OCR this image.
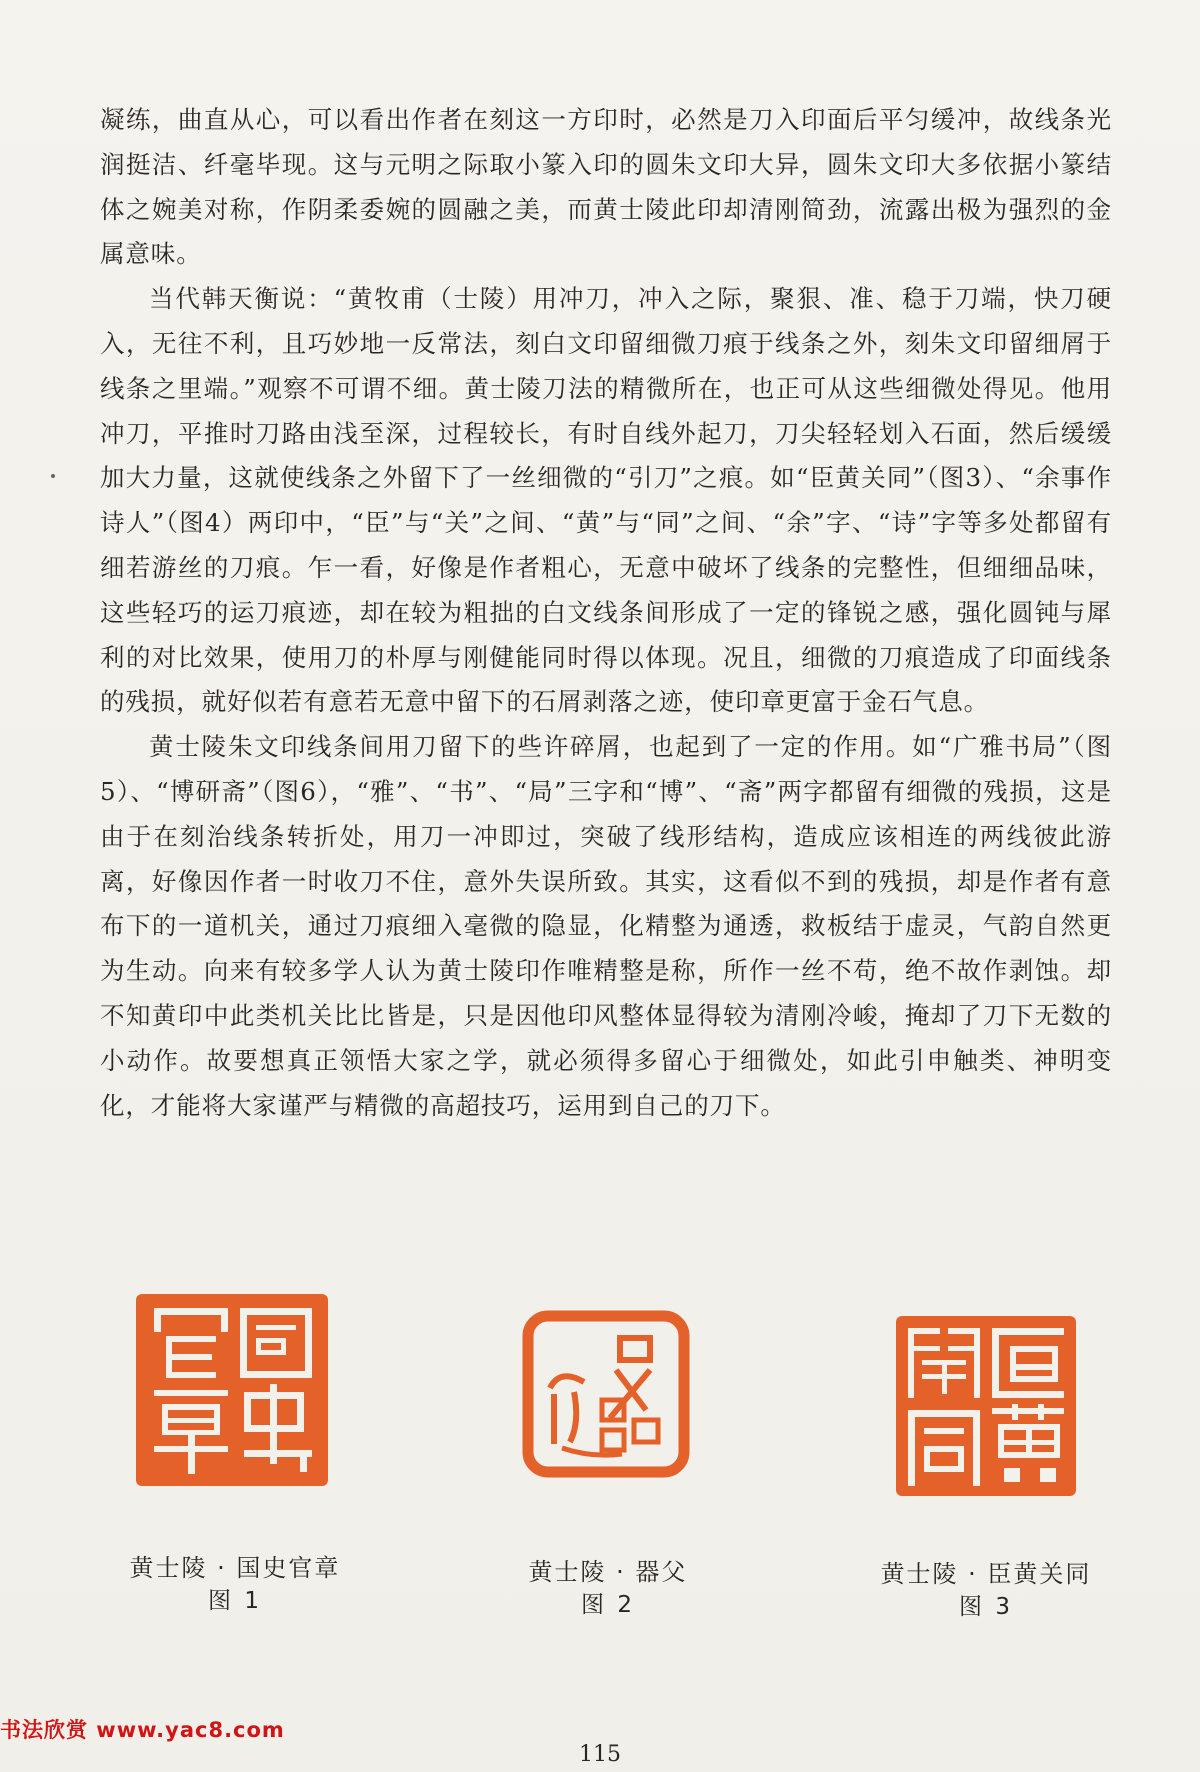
凝练，曲直从心，可以看出作者在刻这一方印时，必然是刀入印面后平匀缓冲，故线条光润挺洁、纤毫毕现。这与元明之际取小篆入印的圆朱文印大异，圆朱文印大多依据小篆结体之婉美对称，作阴柔委婉的圆融之美，而黄士陵此印却清刚简劲，流露出极为强烈的金属意味。

当代韩天衡说：“黄牧甫（士陵）用冲刀，冲入之际，聚狠、准、稳于刀端，快刀硬入，无往不利，且巧妙地一反常法，刻白文印留细微刀痕于线条之外，刻朱文印留细屑于线条之里端。”观察不可谓不细。黄士陵刀法的精微所在，也正可从这些细微处得见。他用冲刀，平推时刀路由浅至深，过程较长，有时自线外起刀，刀尖轻轻划入石面，然后缓缓加大力量，这就使线条之外留下了一丝细微的“引刀”之痕。如“臣黄关同”（图3）、“余事作诗人”（图4）两印中，“臣”与“关”之间、“黄”与“同”之间、“余”字、“诗”字等多处都留有细若游丝的刀痕。乍一看，好像是作者粗心，无意中破坏了线条的完整性，但细细品味，这些轻巧的运刀痕迹，却在较为粗拙的白文线条间形成了一定的锋锐之感，强化圆钝与犀利的对比效果，使用刀的朴厚与刚健能同时得以体现。况且，细微的刀痕造成了印面线条的残损，就好似若有意若无意中留下的石屑剥落之迹，使印章更富于金石气息。

黄士陵朱文印线条间用刀留下的些许碎屑，也起到了一定的作用。如“广雅书局”（图5）、“博研斋”（图6），“雅”、“书”、“局”三字和“博”、“斋”两字都留有细微的残损，这是由于在刻治线条转折处，用刀一冲即过，突破了线形结构，造成应该相连的两线彼此游离，好像因作者一时收刀不住，意外失误所致。其实，这看似不到的残损，却是作者有意布下的一道机关，通过刀痕细入毫微的隐显，化精整为通透，救板结于虚灵，气韵自然更为生动。向来有较多学人认为黄士陵印作唯精整是称，所作一丝不苟，绝不故作剥蚀。却不知黄印中此类机关比比皆是，只是因他印风整体显得较为清刚冷峻，掩却了刀下无数的小动作。故要想真正领悟大家之学，就必须得多留心于细微处，如此引申触类、神明变化，才能将大家谨严与精微的高超技巧，运用到自己的刀下。

黄士陵 · 国史官章
图 1
黄士陵 · 器父
图 2
黄士陵 · 臣黄关同
图 3
书法欣赏 www.yac8.com
115
